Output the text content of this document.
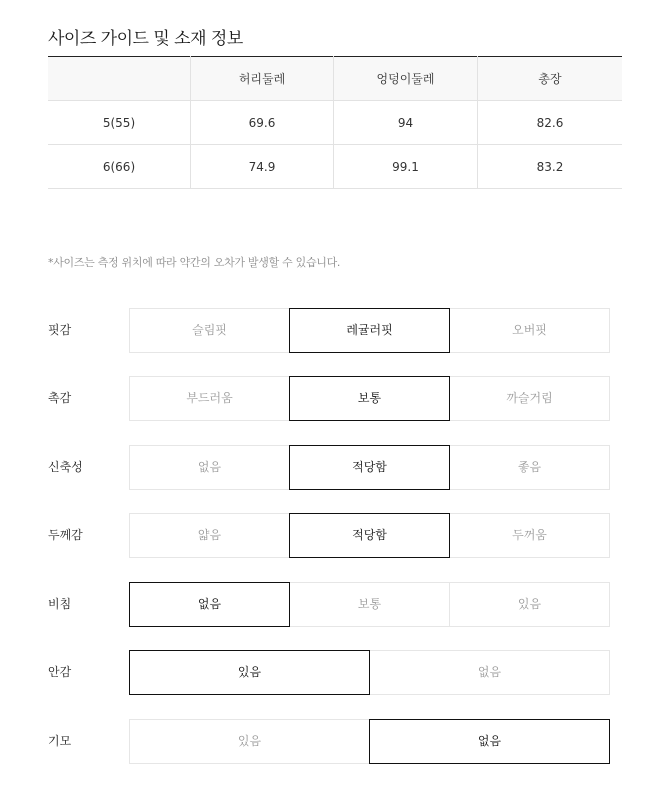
사이즈 가이드 및 소재 정보
	허리둘레	엉덩이둘레	총장
5(55)	69.6	94	82.6
6(66)	74.9	99.1	83.2
*사이즈는 측정 위치에 따라 약간의 오차가 발생할 수 있습니다.
핏감	슬림핏	레귤러핏	오버핏
촉감	부드러움	보통	까슬거림
신축성	없음	적당함	좋음
두께감	얇음	적당함	두꺼움
비침	없음	보통	있음
안감	있음	없음
기모	있음	없음
